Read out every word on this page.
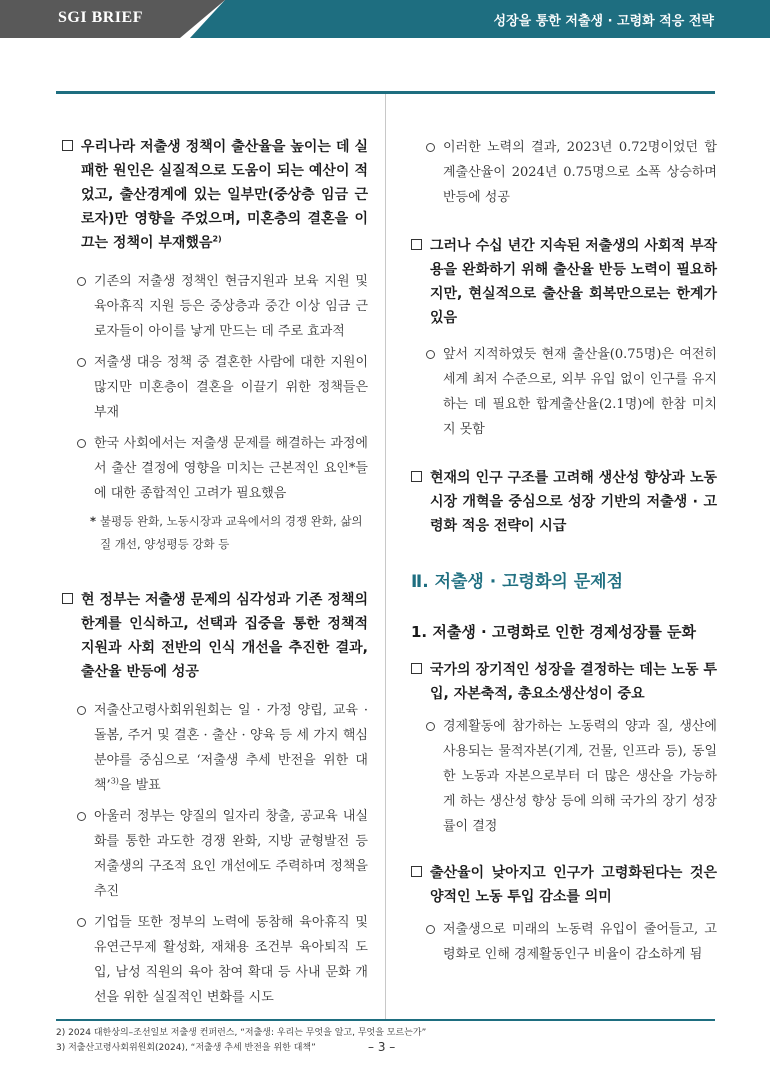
SGI BRIEF	성장을 통한 저출생 · 고령화 적응 전략

우리나라 저출생 정책이 출산율을 높이는 데 실패한 원인은 실질적으로 도움이 되는 예산이 적었고, 출산경계에 있는 일부만(중상층 임금 근로자)만 영향을 주었으며, 미혼층의 결혼을 이끄는 정책이 부재했음$^{2)}$

기존의 저출생 정책인 현금지원과 보육 지원 및 육아휴직 지원 등은 중상층과 중간 이상 임금 근로자들이 아이를 낳게 만드는 데 주로 효과적

저출생 대응 정책 중 결혼한 사람에 대한 지원이 많지만 미혼층이 결혼을 이끌기 위한 정책들은 부재

한국 사회에서는 저출생 문제를 해결하는 과정에서 출산 결정에 영향을 미치는 근본적인 요인*들에 대한 종합적인 고려가 필요했음

* 불평등 완화, 노동시장과 교육에서의 경쟁 완화, 삶의 질 개선, 양성평등 강화 등

현 정부는 저출생 문제의 심각성과 기존 정책의 한계를 인식하고, 선택과 집중을 통한 정책적 지원과 사회 전반의 인식 개선을 추진한 결과, 출산율 반등에 성공

저출산고령사회위원회는 일 · 가정 양립, 교육 · 돌봄, 주거 및 결혼 · 출산 · 양육 등 세 가지 핵심분야를 중심으로 ‘저출생 추세 반전을 위한 대책’$^{3)}$을 발표

아울러 정부는 양질의 일자리 창출, 공교육 내실화를 통한 과도한 경쟁 완화, 지방 균형발전 등 저출생의 구조적 요인 개선에도 주력하며 정책을 추진

기업들 또한 정부의 노력에 동참해 육아휴직 및 유연근무제 활성화, 재채용 조건부 육아퇴직 도입, 남성 직원의 육아 참여 확대 등 사내 문화 개선을 위한 실질적인 변화를 시도

이러한 노력의 결과, 2023년 0.72명이었던 합계출산율이 2024년 0.75명으로 소폭 상승하며 반등에 성공

그러나 수십 년간 지속된 저출생의 사회적 부작용을 완화하기 위해 출산율 반등 노력이 필요하지만, 현실적으로 출산율 회복만으로는 한계가 있음

앞서 지적하였듯 현재 출산율(0.75명)은 여전히 세계 최저 수준으로, 외부 유입 없이 인구를 유지하는 데 필요한 합계출산율(2.1명)에 한참 미치지 못함

현재의 인구 구조를 고려해 생산성 향상과 노동시장 개혁을 중심으로 성장 기반의 저출생 · 고령화 적응 전략이 시급

Ⅱ. 저출생 · 고령화의 문제점
1. 저출생 · 고령화로 인한 경제성장률 둔화

국가의 장기적인 성장을 결정하는 데는 노동 투입, 자본축적, 총요소생산성이 중요

경제활동에 참가하는 노동력의 양과 질, 생산에 사용되는 물적자본(기계, 건물, 인프라 등), 동일한 노동과 자본으로부터 더 많은 생산을 가능하게 하는 생산성 향상 등에 의해 국가의 장기 성장률이 결정

출산율이 낮아지고 인구가 고령화된다는 것은 양적인 노동 투입 감소를 의미

저출생으로 미래의 노동력 유입이 줄어들고, 고령화로 인해 경제활동인구 비율이 감소하게 됨

2) 2024 대한상의–조선일보 저출생 컨퍼런스, “저출생: 우리는 무엇을 알고, 무엇을 모르는가”
3) 저출산고령사회위원회(2024), “저출생 추세 반전을 위한 대책”	– 3 –
